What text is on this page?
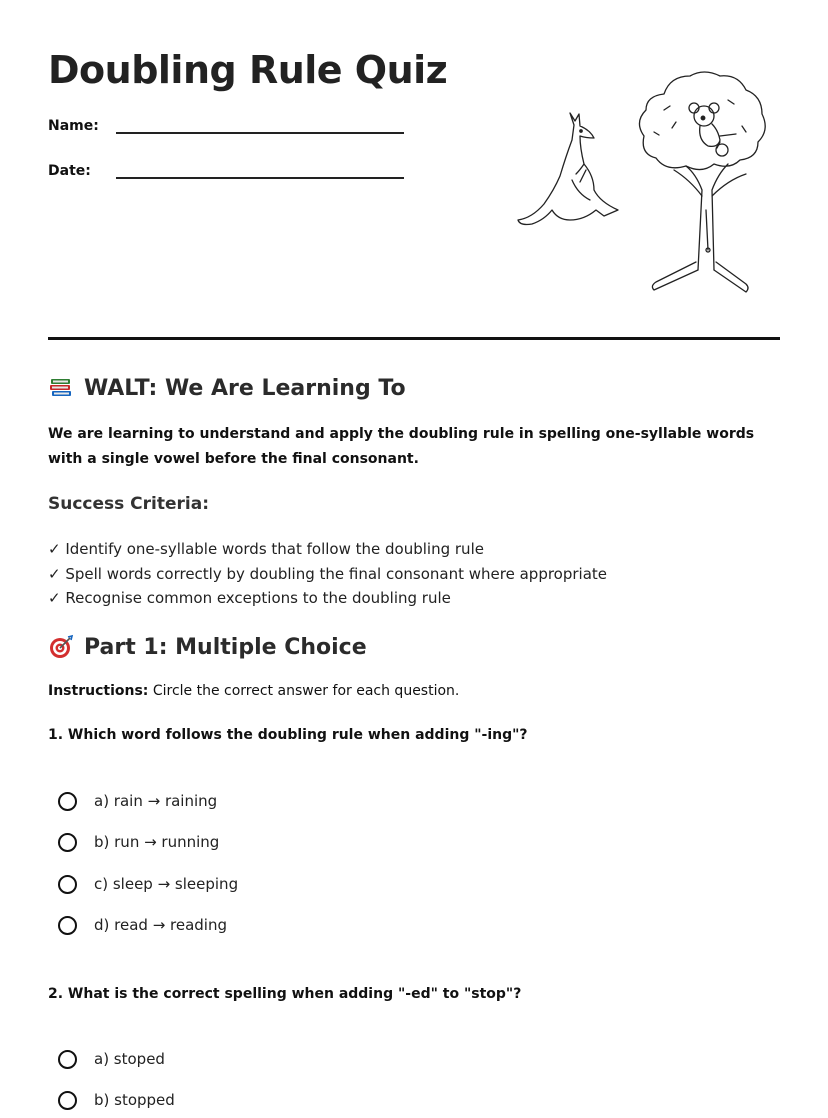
Doubling Rule Quiz
Name:
Date:
WALT: We Are Learning To

We are learning to understand and apply the doubling rule in spelling one-syllable words with a single vowel before the final consonant.

Success Criteria:
✓ Identify one-syllable words that follow the doubling rule
✓ Spell words correctly by doubling the final consonant where appropriate
✓ Recognise common exceptions to the doubling rule
Part 1: Multiple Choice

Instructions: Circle the correct answer for each question.

1. Which word follows the doubling rule when adding "-ing"?

a) rain → raining
b) run → running
c) sleep → sleeping
d) read → reading

2. What is the correct spelling when adding "-ed" to "stop"?

a) stoped
b) stopped
